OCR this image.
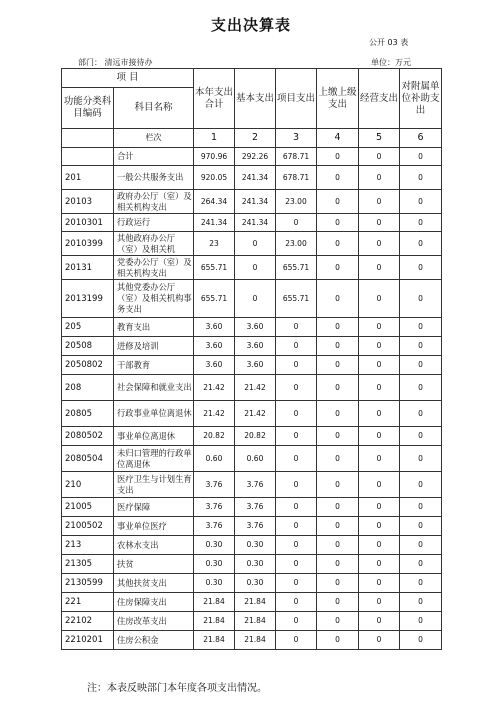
支出决算表
公开 03 表
部门： 清远市接待办	单位：万元
项 目		本年支出合计	基本支出	项目支出	上缴上级支出	经营支出	对附属单位补助支出
功能分类科目编码	科目名称						
	栏次	1	2	3	4	5	6
	合计	970.96	292.26	678.71	0	0	0
201	一般公共服务支出	920.05	241.34	678.71	0	0	0
20103	政府办公厅（室）及相关机构支出	264.34	241.34	23.00	0	0	0
2010301	行政运行	241.34	241.34	0	0	0	0
2010399	其他政府办公厅（室）及相关机	23	0	23.00	0	0	0
20131	党委办公厅（室）及相关机构支出	655.71	0	655.71	0	0	0
2013199	其他党委办公厅（室）及相关机构事务支出	655.71	0	655.71	0	0	0
205	教育支出	3.60	3.60	0	0	0	0
20508	进修及培训	3.60	3.60	0	0	0	0
2050802	干部教育	3.60	3.60	0	0	0	0
208	社会保障和就业支出	21.42	21.42	0	0	0	0
20805	行政事业单位离退休	21.42	21.42	0	0	0	0
2080502	事业单位离退休	20.82	20.82	0	0	0	0
2080504	未归口管理的行政单位离退休	0.60	0.60	0	0	0	0
210	医疗卫生与计划生育支出	3.76	3.76	0	0	0	0
21005	医疗保障	3.76	3.76	0	0	0	0
2100502	事业单位医疗	3.76	3.76	0	0	0	0
213	农林水支出	0.30	0.30	0	0	0	0
21305	扶贫	0.30	0.30	0	0	0	0
2130599	其他扶贫支出	0.30	0.30	0	0	0	0
221	住房保障支出	21.84	21.84	0	0	0	0
22102	住房改革支出	21.84	21.84	0	0	0	0
2210201	住房公积金	21.84	21.84	0	0	0	0
注：本表反映部门本年度各项支出情况。
